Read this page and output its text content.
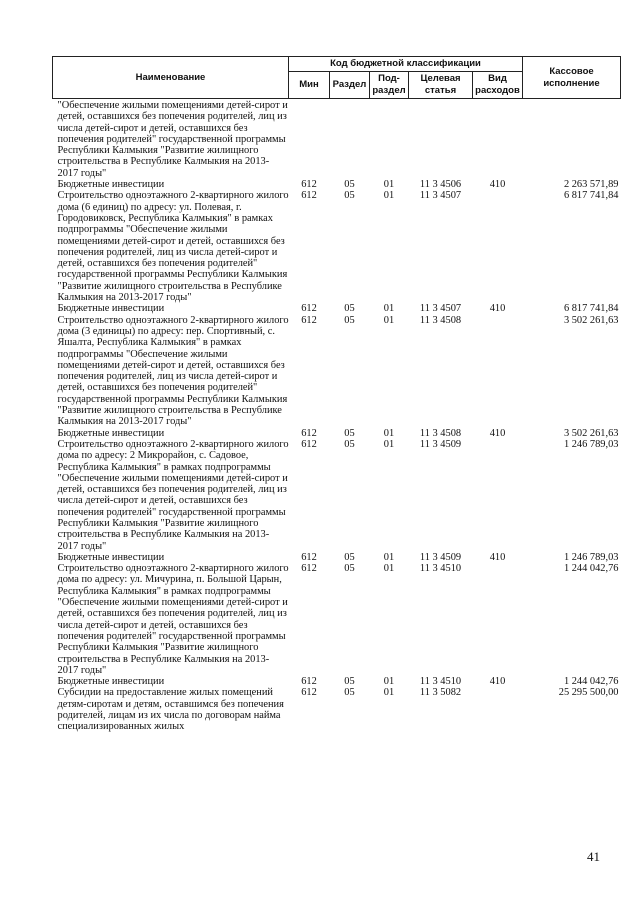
Наименование	Код бюджетной классификации					Кассовое исполнение
	Мин	Раздел	Под-раздел	Целевая статья	Вид расходов	

"Обеспечение жилыми помещениями детей-сирот и детей, оставшихся без попечения родителей, лиц из числа детей-сирот и детей, оставшихся без попечения родителей" государственной программы Республики Калмыкия "Развитие жилищного строительства в Республике Калмыкия на 2013-2017 годы"						

Бюджетные инвестиции	612	05	01	11 3 4506	410	2 263 571,89

Строительство одноэтажного 2-квартирного жилого дома (6 единиц) по адресу: ул. Полевая, г. Городовиковск, Республика Калмыкия" в рамках подпрограммы "Обеспечение жилыми помещениями детей-сирот и детей, оставшихся без попечения родителей, лиц из числа детей-сирот и детей, оставшихся без попечения родителей" государственной программы Республики Калмыкия "Развитие жилищного строительства в Республике Калмыкия на 2013-2017 годы"	612	05	01	11 3 4507		6 817 741,84

Бюджетные инвестиции	612	05	01	11 3 4507	410	6 817 741,84

Строительство одноэтажного 2-квартирного жилого дома (3 единицы) по адресу: пер. Спортивный, с. Яшалта, Республика Калмыкия" в рамках подпрограммы "Обеспечение жилыми помещениями детей-сирот и детей, оставшихся без попечения родителей, лиц из числа детей-сирот и детей, оставшихся без попечения родителей" государственной программы Республики Калмыкия "Развитие жилищного строительства в Республике Калмыкия на 2013-2017 годы"	612	05	01	11 3 4508		3 502 261,63

Бюджетные инвестиции	612	05	01	11 3 4508	410	3 502 261,63

Строительство одноэтажного 2-квартирного жилого дома по адресу: 2 Микрорайон, с. Садовое, Республика Калмыкия" в рамках подпрограммы "Обеспечение жилыми помещениями детей-сирот и детей, оставшихся без попечения родителей, лиц из числа детей-сирот и детей, оставшихся без попечения родителей" государственной программы Республики Калмыкия "Развитие жилищного строительства в Республике Калмыкия на 2013-2017 годы"	612	05	01	11 3 4509		1 246 789,03

Бюджетные инвестиции	612	05	01	11 3 4509	410	1 246 789,03

Строительство одноэтажного 2-квартирного жилого дома по адресу: ул. Мичурина, п. Большой Царын, Республика Калмыкия" в рамках подпрограммы "Обеспечение жилыми помещениями детей-сирот и детей, оставшихся без попечения родителей, лиц из числа детей-сирот и детей, оставшихся без попечения родителей" государственной программы Республики Калмыкия "Развитие жилищного строительства в Республике Калмыкия на 2013-2017 годы"	612	05	01	11 3 4510		1 244 042,76

Бюджетные инвестиции	612	05	01	11 3 4510	410	1 244 042,76

Субсидии на предоставление жилых помещений детям-сиротам и детям, оставшимся без попечения родителей, лицам из их числа по договорам найма специализированных жилых	612	05	01	11 3 5082		25 295 500,00
41
